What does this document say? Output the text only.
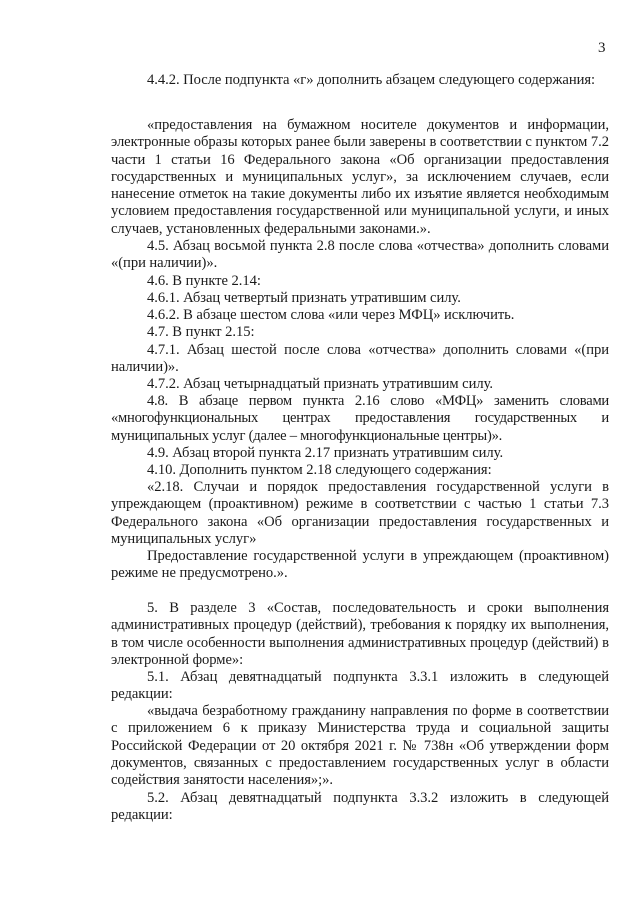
3

4.4.2. После подпункта «г» дополнить абзацем следующего содержания:

«предоставления на бумажном носителе документов и информации, электронные образы которых ранее были заверены в соответствии с пунктом 7.2 части 1 статьи 16 Федерального закона «Об организации предоставления государственных и муниципальных услуг», за исключением случаев, если нанесение отметок на такие документы либо их изъятие является необходимым условием предоставления государственной или муниципальной услуги, и иных случаев, установленных федеральными законами.».

4.5. Абзац восьмой пункта 2.8 после слова «отчества» дополнить словами «(при наличии)».

4.6. В пункте 2.14:

4.6.1. Абзац четвертый признать утратившим силу.

4.6.2. В абзаце шестом слова «или через МФЦ» исключить.

4.7. В пункт 2.15:

4.7.1. Абзац шестой после слова «отчества» дополнить словами «(при наличии)».

4.7.2. Абзац четырнадцатый признать утратившим силу.

4.8. В абзаце первом пункта 2.16 слово «МФЦ» заменить словами «многофункциональных центрах предоставления государственных и муниципальных услуг (далее – многофункциональные центры)».

4.9. Абзац второй пункта 2.17 признать утратившим силу.

4.10. Дополнить пунктом 2.18 следующего содержания:

«2.18. Случаи и порядок предоставления государственной услуги в упреждающем (проактивном) режиме в соответствии с частью 1 статьи 7.3 Федерального закона «Об организации предоставления государственных и муниципальных услуг»

Предоставление государственной услуги в упреждающем (проактивном) режиме не предусмотрено.».

5. В разделе 3 «Состав, последовательность и сроки выполнения административных процедур (действий), требования к порядку их выполнения, в том числе особенности выполнения административных процедур (действий) в электронной форме»:

5.1. Абзац девятнадцатый подпункта 3.3.1 изложить в следующей редакции:

«выдача безработному гражданину направления по форме в соответствии с приложением 6 к приказу Министерства труда и социальной защиты Российской Федерации от 20 октября 2021 г. № 738н «Об утверждении форм документов, связанных с предоставлением государственных услуг в области содействия занятости населения»;».

5.2. Абзац девятнадцатый подпункта 3.3.2 изложить в следующей редакции:
